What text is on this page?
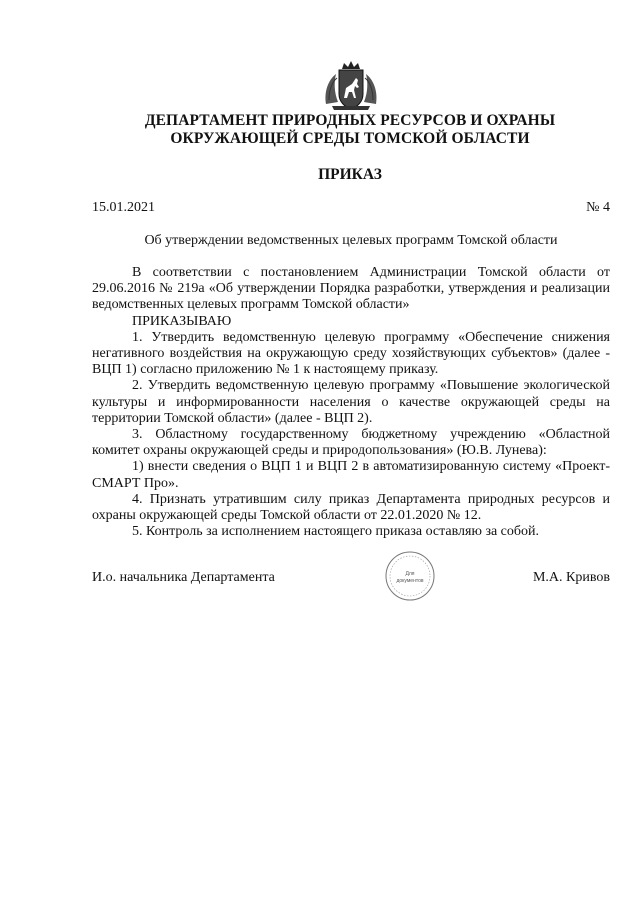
ДЕПАРТАМЕНТ ПРИРОДНЫХ РЕСУРСОВ И ОХРАНЫ
ОКРУЖАЮЩЕЙ СРЕДЫ ТОМСКОЙ ОБЛАСТИ
ПРИКАЗ
15.01.2021	№ 4
Об утверждении ведомственных целевых программ Томской области

В соответствии с постановлением Администрации Томской области от 29.06.2016 № 219а «Об утверждении Порядка разработки, утверждения и реализации ведомственных целевых программ Томской области»

ПРИКАЗЫВАЮ

1. Утвердить ведомственную целевую программу «Обеспечение снижения негативного воздействия на окружающую среду хозяйствующих субъектов» (далее - ВЦП 1) согласно приложению № 1 к настоящему приказу.

2. Утвердить ведомственную целевую программу «Повышение экологической культуры и информированности населения о качестве окружающей среды на территории Томской области» (далее - ВЦП 2).

3. Областному государственному бюджетному учреждению «Областной комитет охраны окружающей среды и природопользования» (Ю.В. Лунева):

1) внести сведения о ВЦП 1 и ВЦП 2 в автоматизированную систему «Проект-СМАРТ Про».

4. Признать утратившим силу приказ Департамента природных ресурсов и охраны окружающей среды Томской области от 22.01.2020 № 12.

5. Контроль за исполнением настоящего приказа оставляю за собой.

И.о. начальника Департамента	Для
документов	М.А. Кривов
